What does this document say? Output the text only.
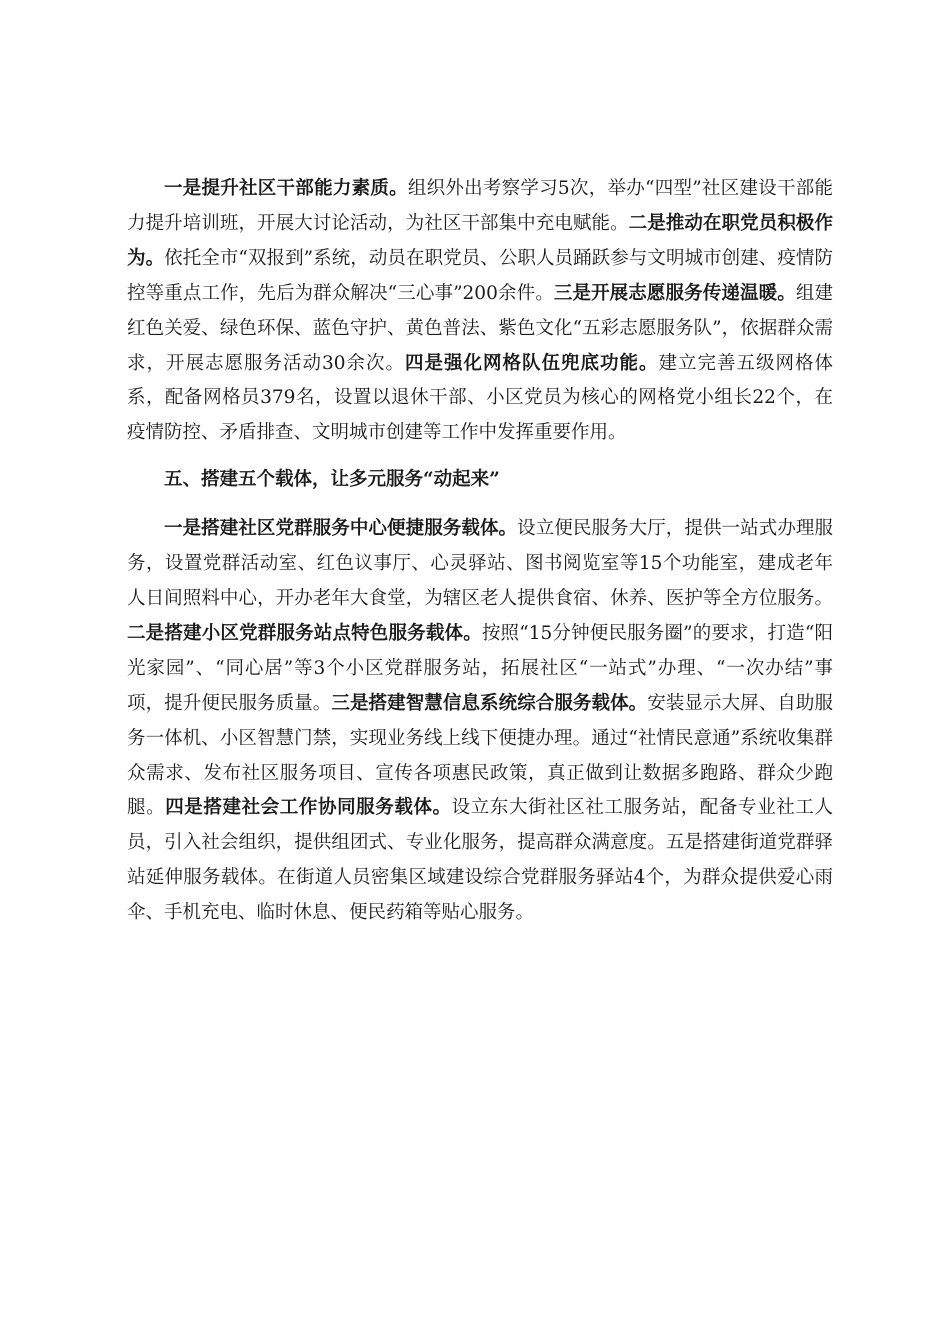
一是提升社区干部能力素质。组织外出考察学习5次，举办“四型”社区建设干部能力提升培训班，开展大讨论活动，为社区干部集中充电赋能。二是推动在职党员积极作为。依托全市“双报到”系统，动员在职党员、公职人员踊跃参与文明城市创建、疫情防控等重点工作，先后为群众解决“三心事”200余件。三是开展志愿服务传递温暖。组建红色关爱、绿色环保、蓝色守护、黄色普法、紫色文化“五彩志愿服务队”，依据群众需求，开展志愿服务活动30余次。四是强化网格队伍兜底功能。建立完善五级网格体系，配备网格员379名，设置以退休干部、小区党员为核心的网格党小组长22个，在疫情防控、矛盾排查、文明城市创建等工作中发挥重要作用。

五、搭建五个载体，让多元服务“动起来”

一是搭建社区党群服务中心便捷服务载体。设立便民服务大厅，提供一站式办理服务，设置党群活动室、红色议事厅、心灵驿站、图书阅览室等15个功能室，建成老年人日间照料中心，开办老年大食堂，为辖区老人提供食宿、休养、医护等全方位服务。二是搭建小区党群服务站点特色服务载体。按照“15分钟便民服务圈”的要求，打造“阳光家园”、“同心居”等3个小区党群服务站，拓展社区“一站式”办理、“一次办结”事项，提升便民服务质量。三是搭建智慧信息系统综合服务载体。安装显示大屏、自助服务一体机、小区智慧门禁，实现业务线上线下便捷办理。通过“社情民意通”系统收集群众需求、发布社区服务项目、宣传各项惠民政策，真正做到让数据多跑路、群众少跑腿。四是搭建社会工作协同服务载体。设立东大街社区社工服务站，配备专业社工人员，引入社会组织，提供组团式、专业化服务，提高群众满意度。五是搭建街道党群驿站延伸服务载体。在街道人员密集区域建设综合党群服务驿站4个，为群众提供爱心雨伞、手机充电、临时休息、便民药箱等贴心服务。
